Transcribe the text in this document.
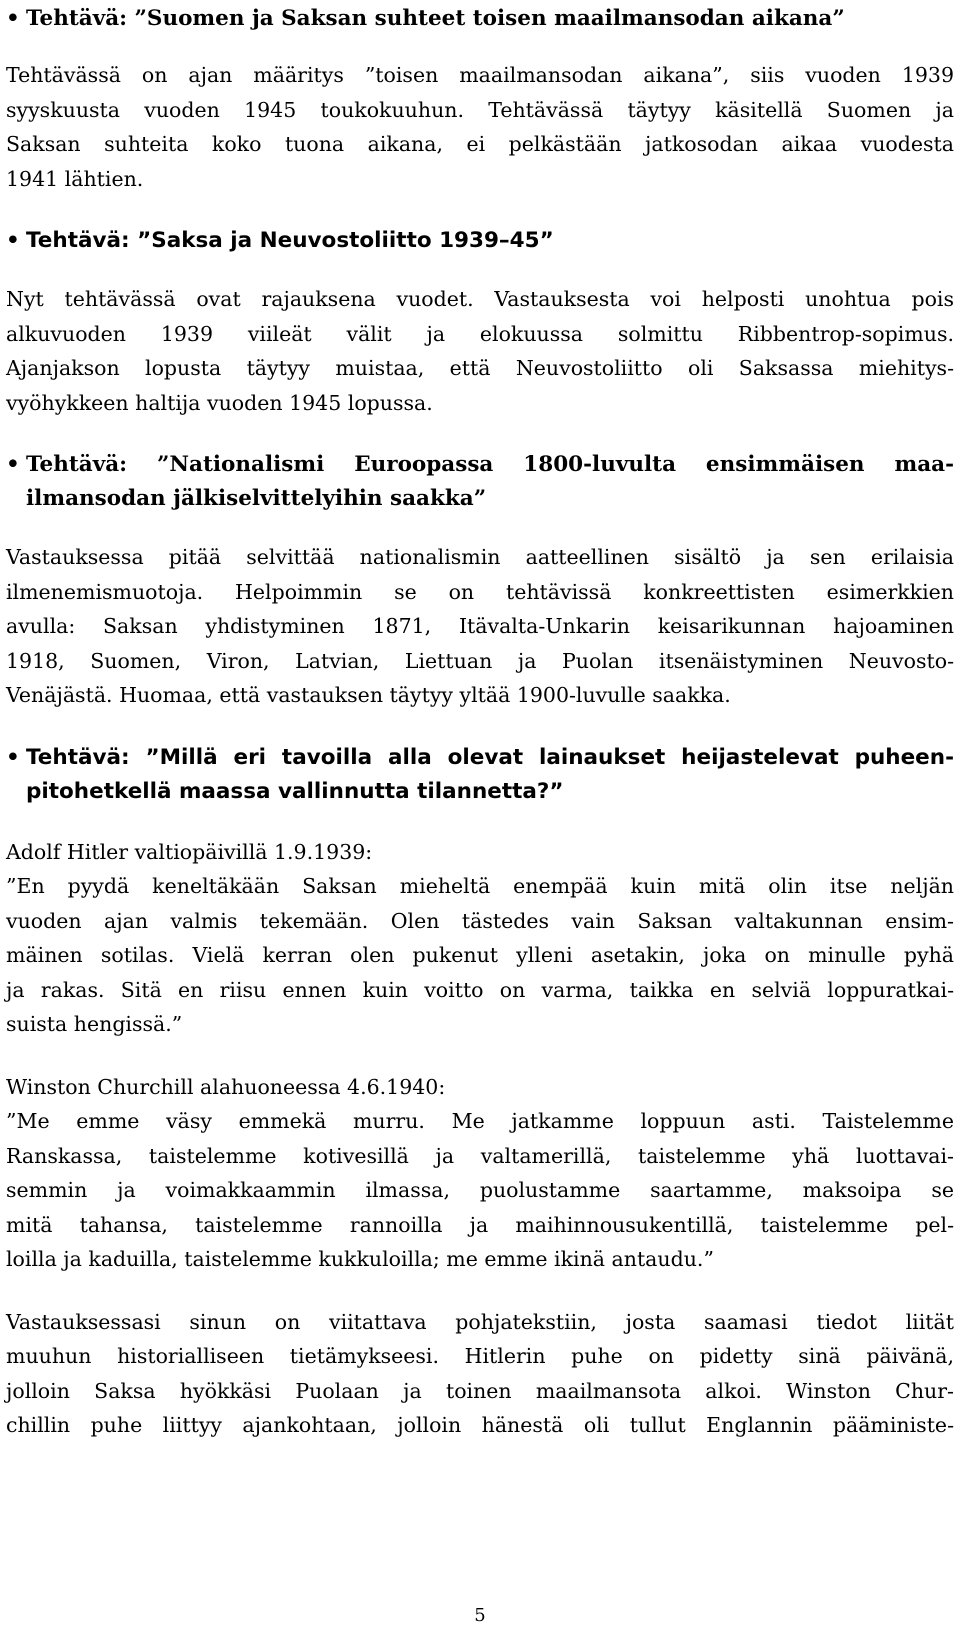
• Tehtävä: ”Suomen ja Saksan suhteet toisen maailmansodan aikana”
Tehtävässä on ajan määritys ”toisen maailmansodan aikana”, siis vuoden 1939
syyskuusta vuoden 1945 toukokuuhun. Tehtävässä täytyy käsitellä Suomen ja
Saksan suhteita koko tuona aikana, ei pelkästään jatkosodan aikaa vuodesta
1941 lähtien.
• Tehtävä: ”Saksa ja Neuvostoliitto 1939–45”
Nyt tehtävässä ovat rajauksena vuodet. Vastauksesta voi helposti unohtua pois
alkuvuoden 1939 viileät välit ja elokuussa solmittu Ribbentrop-sopimus.
Ajanjakson lopusta täytyy muistaa, että Neuvostoliitto oli Saksassa miehitys-
vyöhykkeen haltija vuoden 1945 lopussa.
• Tehtävä: ”Nationalismi Euroopassa 1800-luvulta ensimmäisen maa-
ilmansodan jälkiselvittelyihin saakka”
Vastauksessa pitää selvittää nationalismin aatteellinen sisältö ja sen erilaisia
ilmenemismuotoja. Helpoimmin se on tehtävissä konkreettisten esimerkkien
avulla: Saksan yhdistyminen 1871, Itävalta-Unkarin keisarikunnan hajoaminen
1918, Suomen, Viron, Latvian, Liettuan ja Puolan itsenäistyminen Neuvosto-
Venäjästä. Huomaa, että vastauksen täytyy yltää 1900-luvulle saakka.
• Tehtävä: ”Millä eri tavoilla alla olevat lainaukset heijastelevat puheen-
pitohetkellä maassa vallinnutta tilannetta?”
Adolf Hitler valtiopäivillä 1.9.1939:
”En pyydä keneltäkään Saksan mieheltä enempää kuin mitä olin itse neljän
vuoden ajan valmis tekemään. Olen tästedes vain Saksan valtakunnan ensim-
mäinen sotilas. Vielä kerran olen pukenut ylleni asetakin, joka on minulle pyhä
ja rakas. Sitä en riisu ennen kuin voitto on varma, taikka en selviä loppuratkai-
suista hengissä.”
Winston Churchill alahuoneessa 4.6.1940:
”Me emme väsy emmekä murru. Me jatkamme loppuun asti. Taistelemme
Ranskassa, taistelemme kotivesillä ja valtamerillä, taistelemme yhä luottavai-
semmin ja voimakkaammin ilmassa, puolustamme saartamme, maksoipa se
mitä tahansa, taistelemme rannoilla ja maihinnousukentillä, taistelemme pel-
loilla ja kaduilla, taistelemme kukkuloilla; me emme ikinä antaudu.”
Vastauksessasi sinun on viitattava pohjatekstiin, josta saamasi tiedot liität
muuhun historialliseen tietämykseesi. Hitlerin puhe on pidetty sinä päivänä,
jolloin Saksa hyökkäsi Puolaan ja toinen maailmansota alkoi. Winston Chur-
chillin puhe liittyy ajankohtaan, jolloin hänestä oli tullut Englannin pääministe-
5
